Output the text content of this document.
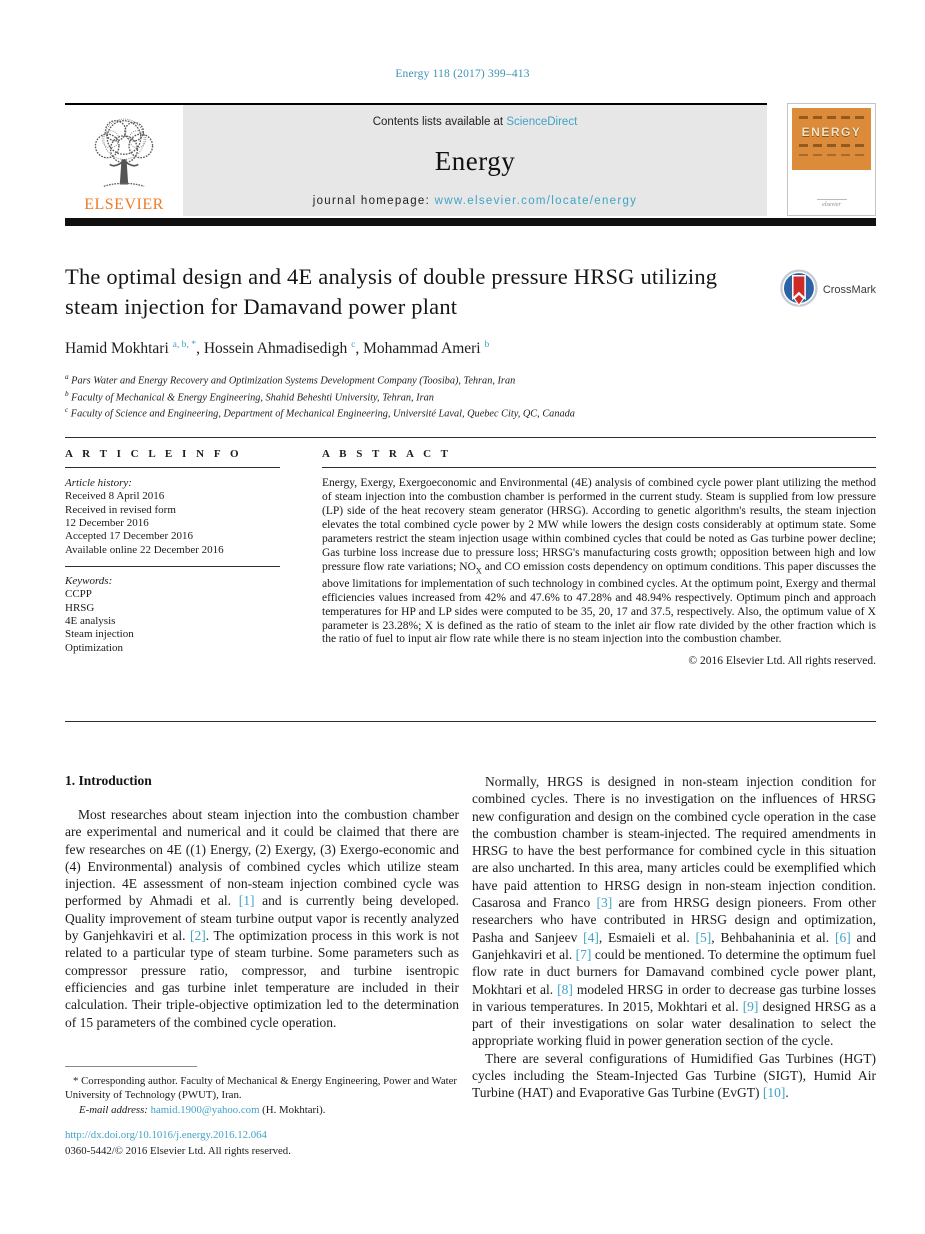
Energy 118 (2017) 399–413
ELSEVIER
Contents lists available at ScienceDirect
Energy
journal homepage: www.elsevier.com/locate/energy
ENERGY
elsevier
The optimal design and 4E analysis of double pressure HRSG utilizing
steam injection for Damavand power plant
CrossMark
Hamid Mokhtari $^{a, b, *}$, Hossein Ahmadisedigh $^c$, Mohammad Ameri $^b$
$^a$ Pars Water and Energy Recovery and Optimization Systems Development Company (Toosiba), Tehran, Iran
$^b$ Faculty of Mechanical & Energy Engineering, Shahid Beheshti University, Tehran, Iran
$^c$ Faculty of Science and Engineering, Department of Mechanical Engineering, Université Laval, Quebec City, QC, Canada
A R T I C L E I N F O
Article history:
Received 8 April 2016
Received in revised form
12 December 2016
Accepted 17 December 2016
Available online 22 December 2016
Keywords:
CCPP
HRSG
4E analysis
Steam injection
Optimization
A B S T R A C T
Energy, Exergy, Exergoeconomic and Environmental (4E) analysis of combined cycle power plant utilizing the method of steam injection into the combustion chamber is performed in the current study. Steam is supplied from low pressure (LP) side of the heat recovery steam generator (HRSG). According to genetic algorithm's results, the steam injection elevates the total combined cycle power by 2 MW while lowers the design costs considerably at optimum state. Some parameters restrict the steam injection usage within combined cycles that could be noted as Gas turbine power decline; Gas turbine loss increase due to pressure loss; HRSG's manufacturing costs growth; opposition between high and low pressure flow rate variations; $NO_X$ and CO emission costs dependency on optimum conditions. This paper discusses the above limitations for implementation of such technology in combined cycles. At the optimum point, Exergy and thermal efficiencies values increased from 42% and 47.6% to 47.28% and 48.94% respectively. Optimum pinch and approach temperatures for HP and LP sides were computed to be 35, 20, 17 and 37.5, respectively. Also, the optimum value of X parameter is 23.28%; X is defined as the ratio of steam to the inlet air flow rate divided by the other fraction which is the ratio of fuel to input air flow rate while there is no steam injection into the combustion chamber.
© 2016 Elsevier Ltd. All rights reserved.
1. Introduction

Most researches about steam injection into the combustion chamber are experimental and numerical and it could be claimed that there are few researches on 4E ((1) Energy, (2) Exergy, (3) Exergo-economic and (4) Environmental) analysis of combined cycles which utilize steam injection. 4E assessment of non-steam injection combined cycle was performed by Ahmadi et al. [1] and is currently being developed. Quality improvement of steam turbine output vapor is recently analyzed by Ganjehkaviri et al. [2]. The optimization process in this work is not related to a particular type of steam turbine. Some parameters such as compressor pressure ratio, compressor, and turbine isentropic efficiencies and gas turbine inlet temperature are included in their calculation. Their triple-objective optimization led to the determination of 15 parameters of the combined cycle operation.

Normally, HRGS is designed in non-steam injection condition for combined cycles. There is no investigation on the influences of HRSG new configuration and design on the combined cycle operation in the case the combustion chamber is steam-injected. The required amendments in HRSG to have the best performance for combined cycle in this situation are also uncharted. In this area, many articles could be exemplified which have paid attention to HRSG design in non-steam injection condition. Casarosa and Franco [3] are from HRSG design pioneers. From other researchers who have contributed in HRSG design and optimization, Pasha and Sanjeev [4], Esmaieli et al. [5], Behbahaninia et al. [6] and Ganjehkaviri et al. [7] could be mentioned. To determine the optimum fuel flow rate in duct burners for Damavand combined cycle power plant, Mokhtari et al. [8] modeled HRSG in order to decrease gas turbine losses in various temperatures. In 2015, Mokhtari et al. [9] designed HRSG as a part of their investigations on solar water desalination to select the appropriate working fluid in power generation section of the cycle.

There are several configurations of Humidified Gas Turbines (HGT) cycles including the Steam-Injected Gas Turbine (SIGT), Humid Air Turbine (HAT) and Evaporative Gas Turbine (EvGT) [10].

* Corresponding author. Faculty of Mechanical & Energy Engineering, Power and Water University of Technology (PWUT), Iran.
E-mail address: hamid.1900@yahoo.com (H. Mokhtari).
http://dx.doi.org/10.1016/j.energy.2016.12.064
0360-5442/© 2016 Elsevier Ltd. All rights reserved.
